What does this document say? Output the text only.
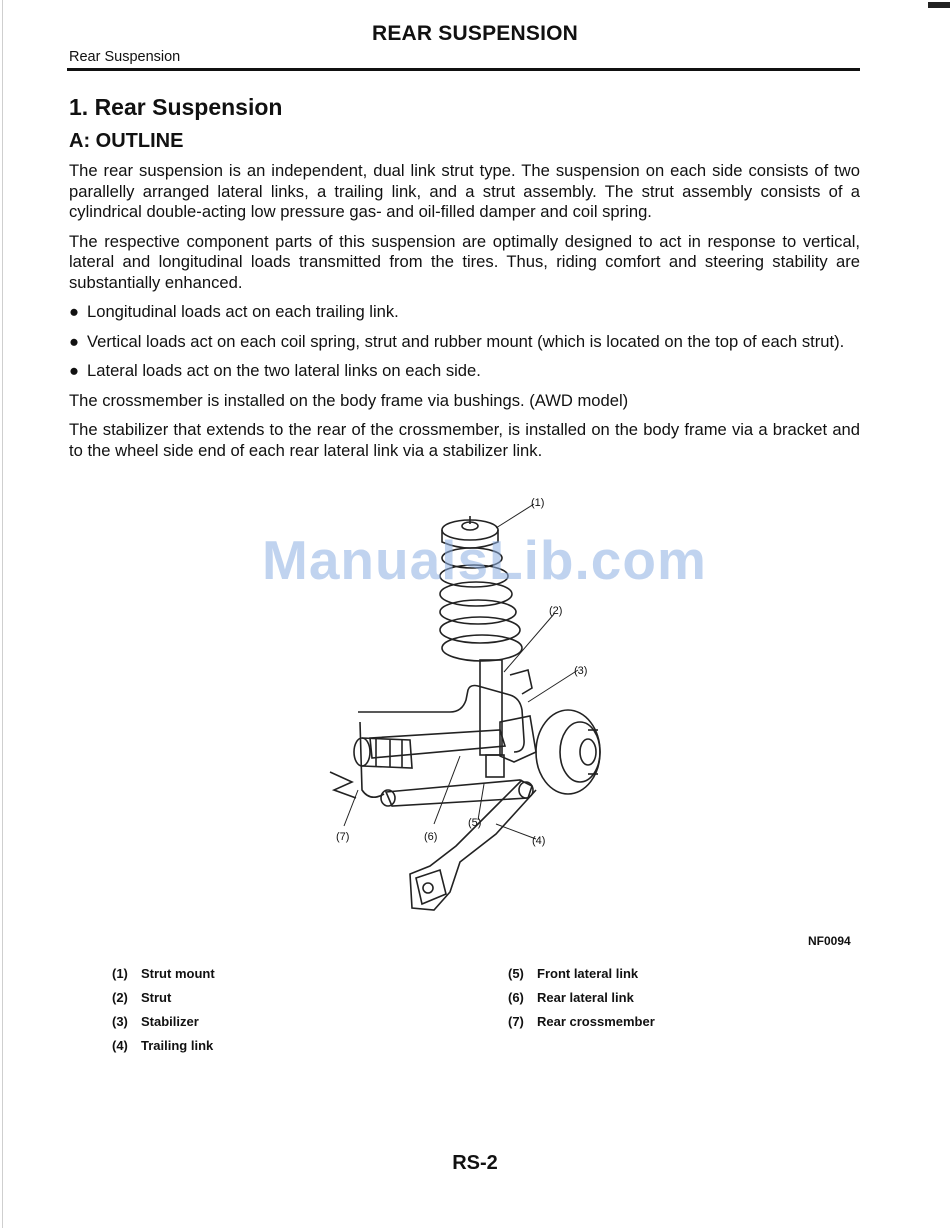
REAR SUSPENSION
Rear Suspension
1. Rear Suspension
A: OUTLINE

The rear suspension is an independent, dual link strut type. The suspension on each side consists of two parallelly arranged lateral links, a trailing link, and a strut assembly. The strut assembly consists of a cylindrical double-acting low pressure gas- and oil-filled damper and coil spring.

The respective component parts of this suspension are optimally designed to act in response to vertical, lateral and longitudinal loads transmitted from the tires. Thus, riding comfort and steering stability are substantially enhanced.

● Longitudinal loads act on each trailing link.
● Vertical loads act on each coil spring, strut and rubber mount (which is located on the top of each strut).
● Lateral loads act on the two lateral links on each side.

The crossmember is installed on the body frame via bushings. (AWD model)

The stabilizer that extends to the rear of the crossmember, is installed on the body frame via a bracket and to the wheel side end of each rear lateral link via a stabilizer link.

(1)
(2)
(3)
(4)
(5)
(6)
(7)
ManualsLib.com
NF0094
(1)	Strut mount
(2)	Strut
(3)	Stabilizer
(4)	Trailing link
(5)	Front lateral link
(6)	Rear lateral link
(7)	Rear crossmember
RS-2
